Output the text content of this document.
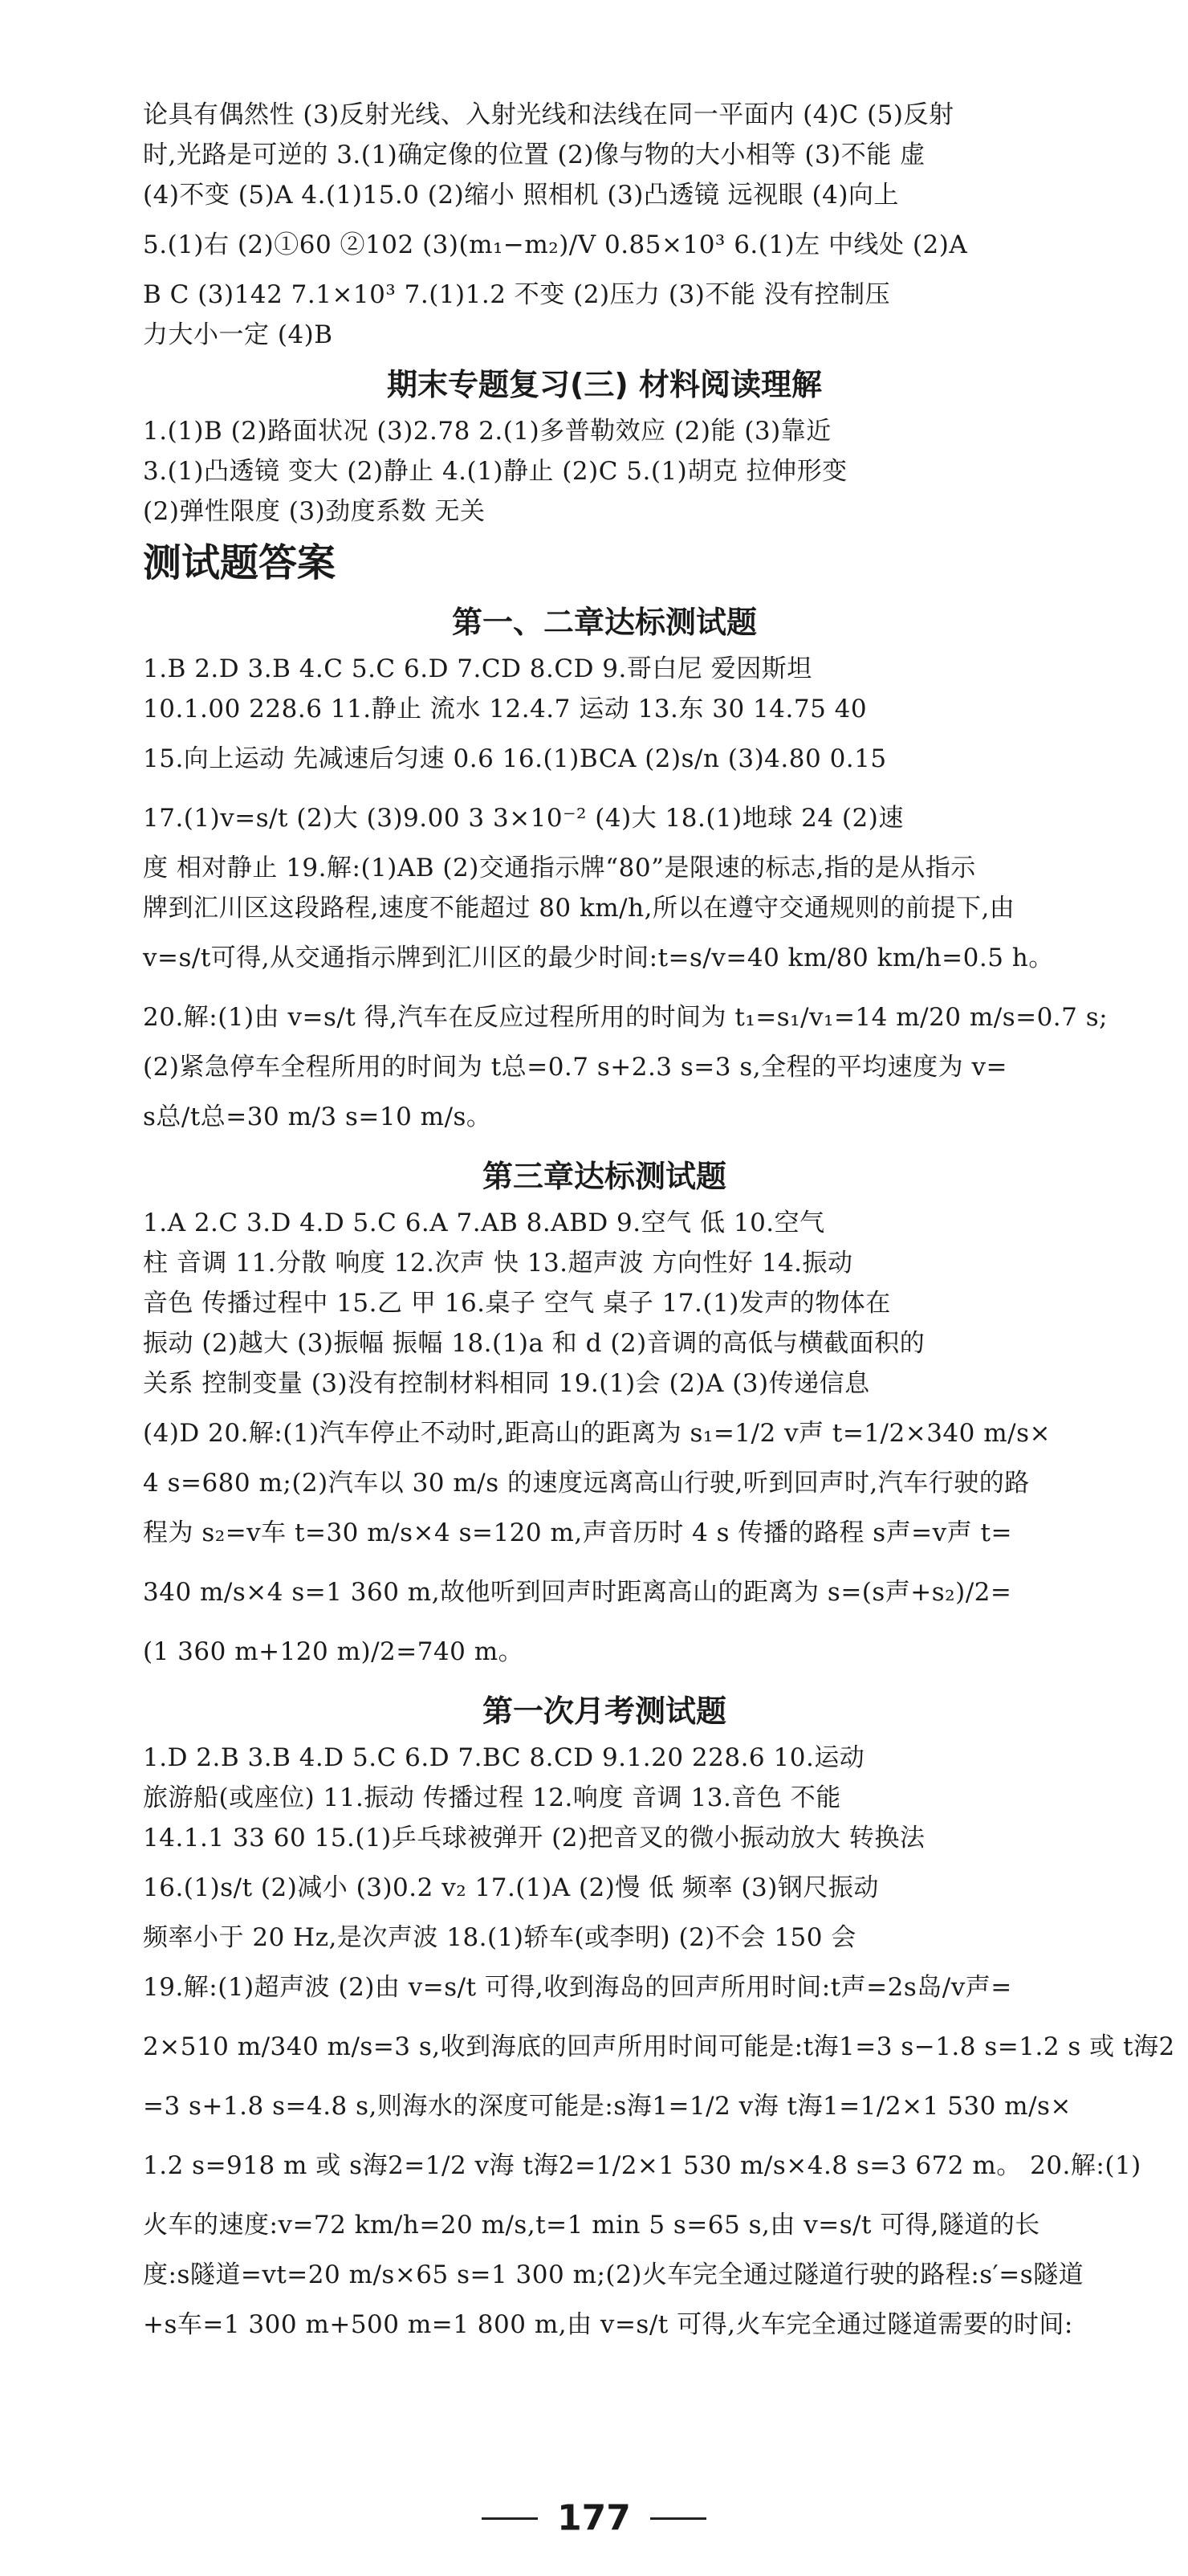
论具有偶然性 (3)反射光线、入射光线和法线在同一平面内 (4)C (5)反射
时,光路是可逆的 3.(1)确定像的位置 (2)像与物的大小相等 (3)不能 虚
(4)不变 (5)A 4.(1)15.0 (2)缩小 照相机 (3)凸透镜 远视眼 (4)向上
5.(1)右 (2)①60 ②102 (3)(m₁−m₂)/V 0.85×10³ 6.(1)左 中线处 (2)A
B C (3)142 7.1×10³ 7.(1)1.2 不变 (2)压力 (3)不能 没有控制压
力大小一定 (4)B
期末专题复习(三) 材料阅读理解
1.(1)B (2)路面状况 (3)2.78 2.(1)多普勒效应 (2)能 (3)靠近
3.(1)凸透镜 变大 (2)静止 4.(1)静止 (2)C 5.(1)胡克 拉伸形变
(2)弹性限度 (3)劲度系数 无关
测试题答案
第一、二章达标测试题
1.B 2.D 3.B 4.C 5.C 6.D 7.CD 8.CD 9.哥白尼 爱因斯坦
10.1.00 228.6 11.静止 流水 12.4.7 运动 13.东 30 14.75 40
15.向上运动 先减速后匀速 0.6 16.(1)BCA (2)s/n (3)4.80 0.15
17.(1)v=s/t (2)大 (3)9.00 3 3×10⁻² (4)大 18.(1)地球 24 (2)速
度 相对静止 19.解:(1)AB (2)交通指示牌“80”是限速的标志,指的是从指示
牌到汇川区这段路程,速度不能超过 80 km/h,所以在遵守交通规则的前提下,由
v=s/t可得,从交通指示牌到汇川区的最少时间:t=s/v=40 km/80 km/h=0.5 h。
20.解:(1)由 v=s/t 得,汽车在反应过程所用的时间为 t₁=s₁/v₁=14 m/20 m/s=0.7 s;
(2)紧急停车全程所用的时间为 t总=0.7 s+2.3 s=3 s,全程的平均速度为 v=
s总/t总=30 m/3 s=10 m/s。
第三章达标测试题
1.A 2.C 3.D 4.D 5.C 6.A 7.AB 8.ABD 9.空气 低 10.空气
柱 音调 11.分散 响度 12.次声 快 13.超声波 方向性好 14.振动
音色 传播过程中 15.乙 甲 16.桌子 空气 桌子 17.(1)发声的物体在
振动 (2)越大 (3)振幅 振幅 18.(1)a 和 d (2)音调的高低与横截面积的
关系 控制变量 (3)没有控制材料相同 19.(1)会 (2)A (3)传递信息
(4)D 20.解:(1)汽车停止不动时,距高山的距离为 s₁=1/2 v声 t=1/2×340 m/s×
4 s=680 m;(2)汽车以 30 m/s 的速度远离高山行驶,听到回声时,汽车行驶的路
程为 s₂=v车 t=30 m/s×4 s=120 m,声音历时 4 s 传播的路程 s声=v声 t=
340 m/s×4 s=1 360 m,故他听到回声时距离高山的距离为 s=(s声+s₂)/2=
(1 360 m+120 m)/2=740 m。
第一次月考测试题
1.D 2.B 3.B 4.D 5.C 6.D 7.BC 8.CD 9.1.20 228.6 10.运动
旅游船(或座位) 11.振动 传播过程 12.响度 音调 13.音色 不能
14.1.1 33 60 15.(1)乒乓球被弹开 (2)把音叉的微小振动放大 转换法
16.(1)s/t (2)减小 (3)0.2 v₂ 17.(1)A (2)慢 低 频率 (3)钢尺振动
频率小于 20 Hz,是次声波 18.(1)轿车(或李明) (2)不会 150 会
19.解:(1)超声波 (2)由 v=s/t 可得,收到海岛的回声所用时间:t声=2s岛/v声=
2×510 m/340 m/s=3 s,收到海底的回声所用时间可能是:t海1=3 s−1.8 s=1.2 s 或 t海2
=3 s+1.8 s=4.8 s,则海水的深度可能是:s海1=1/2 v海 t海1=1/2×1 530 m/s×
1.2 s=918 m 或 s海2=1/2 v海 t海2=1/2×1 530 m/s×4.8 s=3 672 m。 20.解:(1)
火车的速度:v=72 km/h=20 m/s,t=1 min 5 s=65 s,由 v=s/t 可得,隧道的长
度:s隧道=vt=20 m/s×65 s=1 300 m;(2)火车完全通过隧道行驶的路程:s′=s隧道
+s车=1 300 m+500 m=1 800 m,由 v=s/t 可得,火车完全通过隧道需要的时间:
177
